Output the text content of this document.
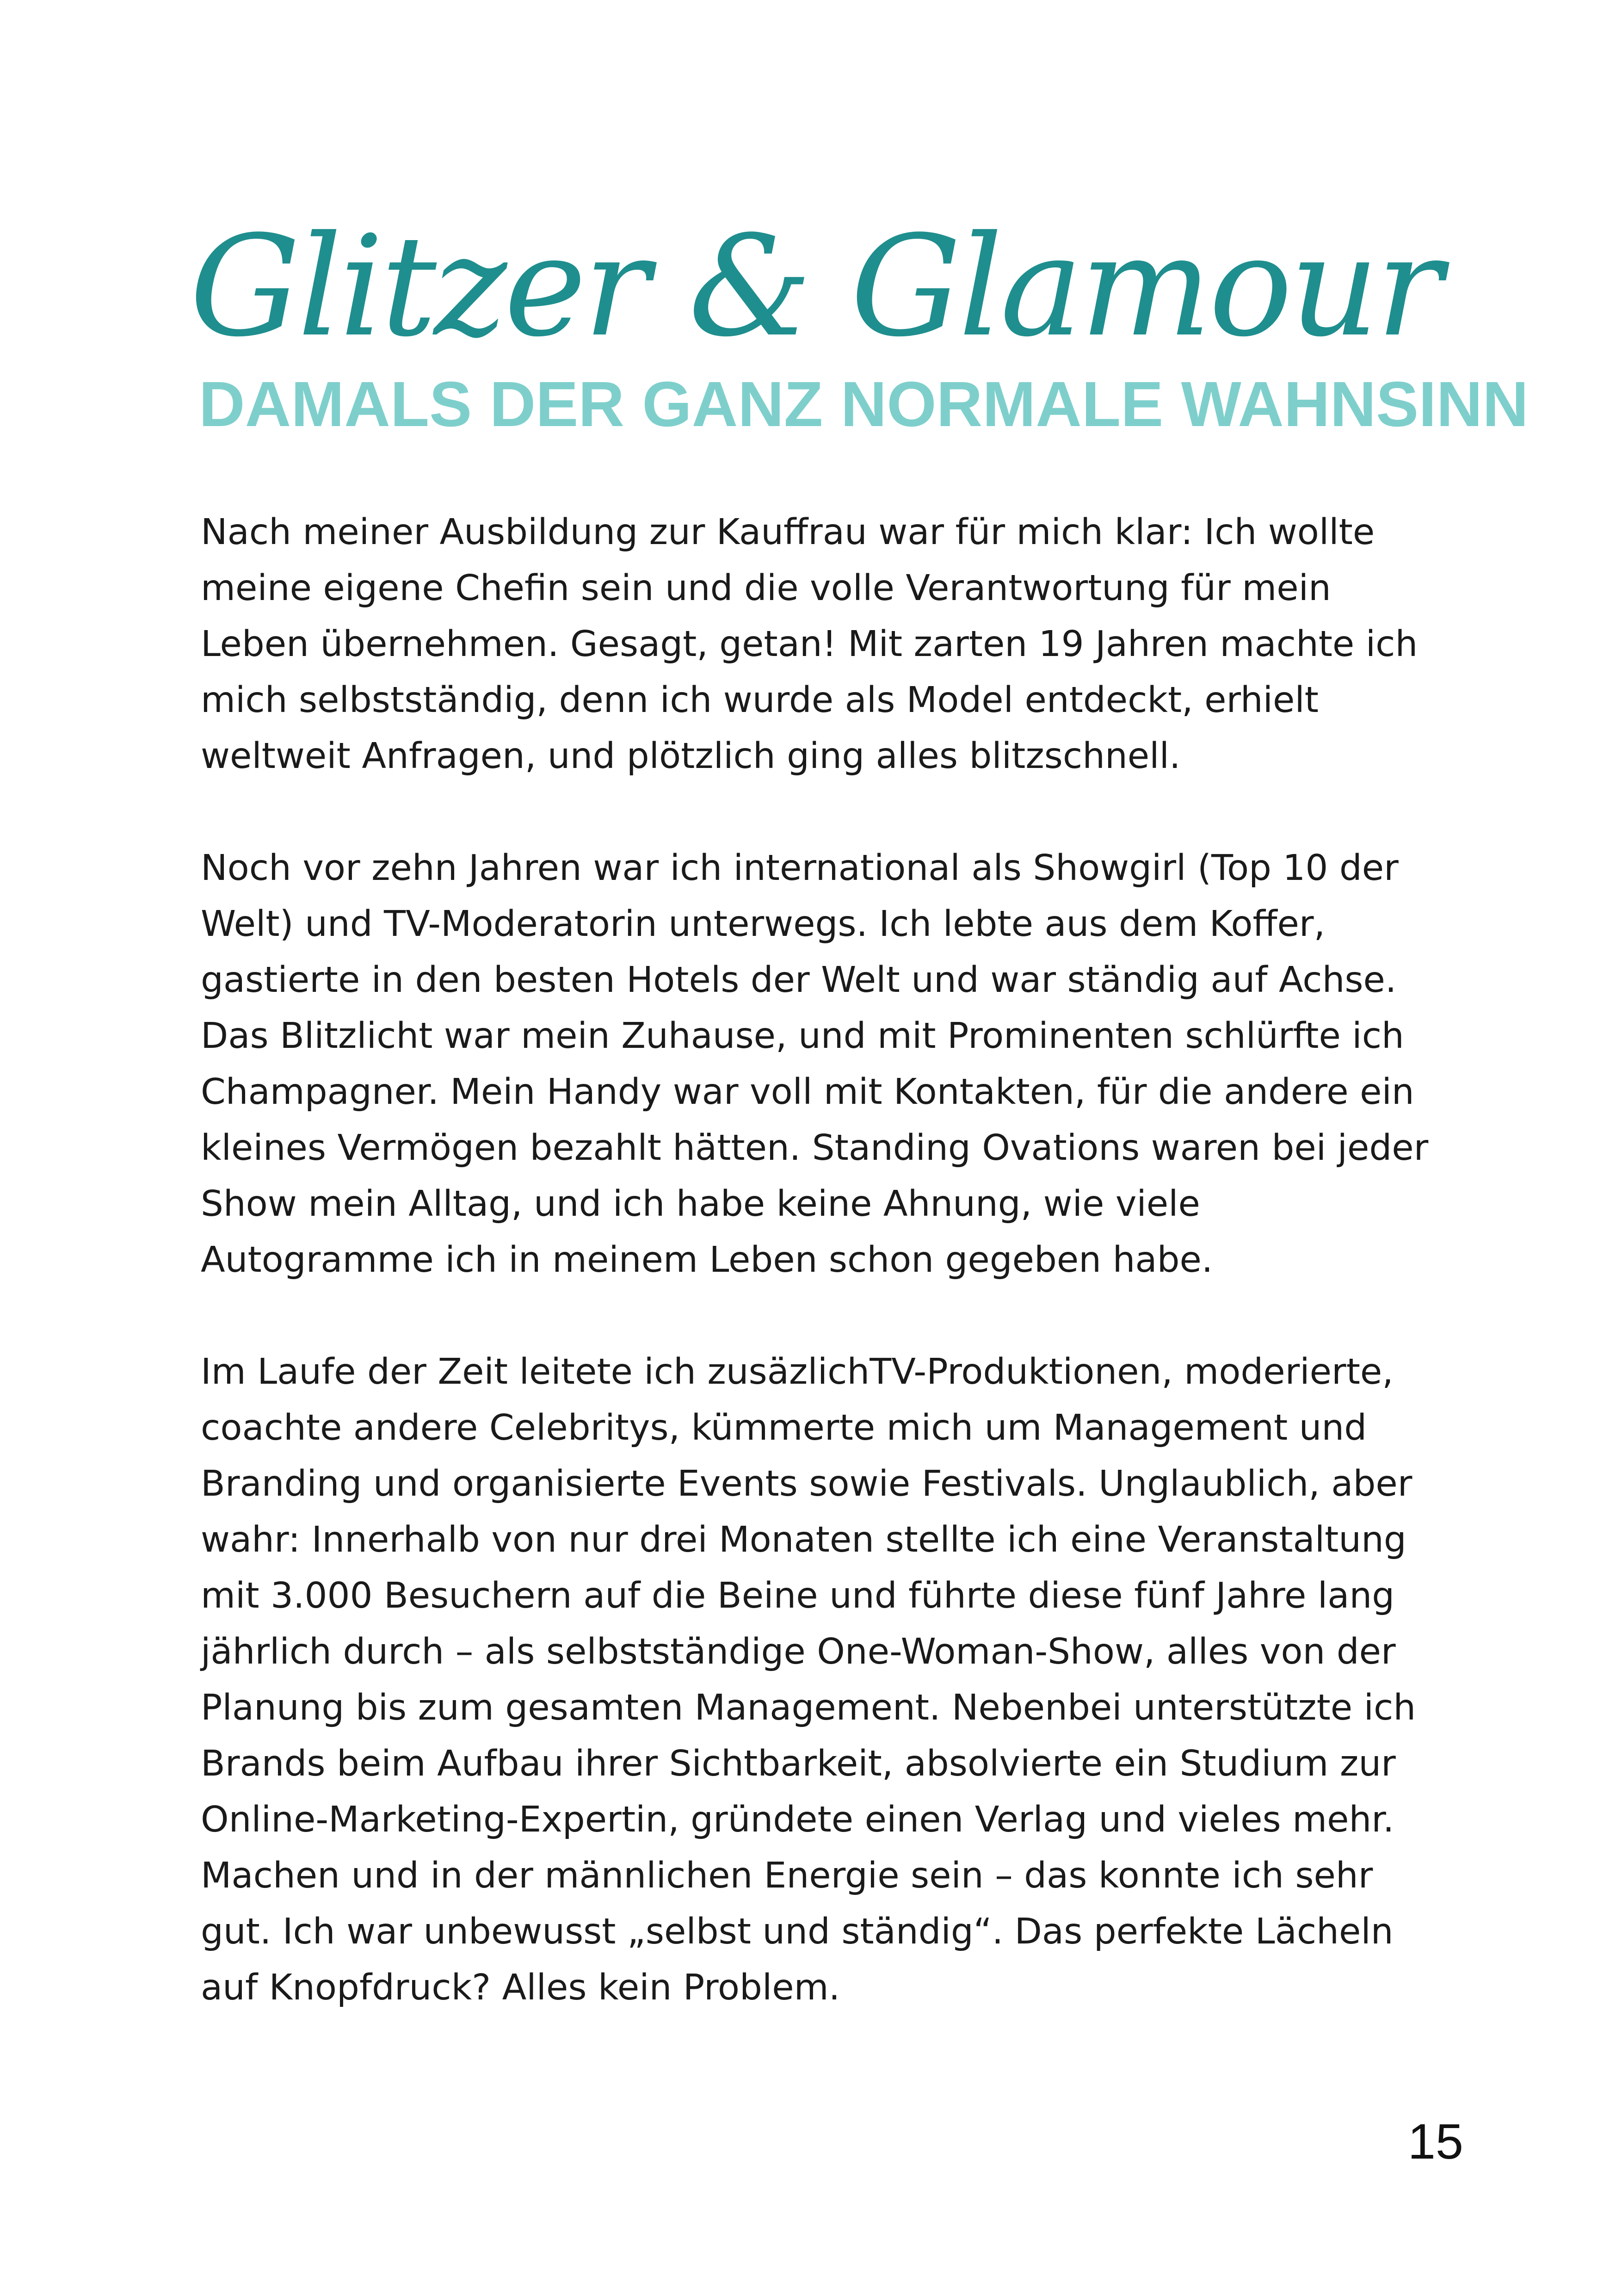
Glitzer & Glamour
DAMALS DER GANZ NORMALE WAHNSINN

Nach meiner Ausbildung zur Kauffrau war für mich klar: Ich wollte meine eigene Chefin sein und die volle Verantwortung für mein Leben übernehmen. Gesagt, getan! Mit zarten 19 Jahren machte ich mich selbstständig, denn ich wurde als Model entdeckt, erhielt weltweit Anfragen, und plötzlich ging alles blitzschnell.

Noch vor zehn Jahren war ich international als Showgirl (Top 10 der Welt) und TV-Moderatorin unterwegs. Ich lebte aus dem Koffer, gastierte in den besten Hotels der Welt und war ständig auf Achse. Das Blitzlicht war mein Zuhause, und mit Prominenten schlürfte ich Champagner. Mein Handy war voll mit Kontakten, für die andere ein kleines Vermögen bezahlt hätten. Standing Ovations waren bei jeder Show mein Alltag, und ich habe keine Ahnung, wie viele Autogramme ich in meinem Leben schon gegeben habe.

Im Laufe der Zeit leitete ich zusäzlichTV-Produktionen, moderierte, coachte andere Celebritys, kümmerte mich um Management und Branding und organisierte Events sowie Festivals. Unglaublich, aber wahr: Innerhalb von nur drei Monaten stellte ich eine Veranstaltung mit 3.000 Besuchern auf die Beine und führte diese fünf Jahre lang jährlich durch – als selbstständige One-Woman-Show, alles von der Planung bis zum gesamten Management. Nebenbei unterstützte ich Brands beim Aufbau ihrer Sichtbarkeit, absolvierte ein Studium zur Online-Marketing-Expertin, gründete einen Verlag und vieles mehr. Machen und in der männlichen Energie sein – das konnte ich sehr gut. Ich war unbewusst „selbst und ständig“. Das perfekte Lächeln auf Knopfdruck? Alles kein Problem.

15
